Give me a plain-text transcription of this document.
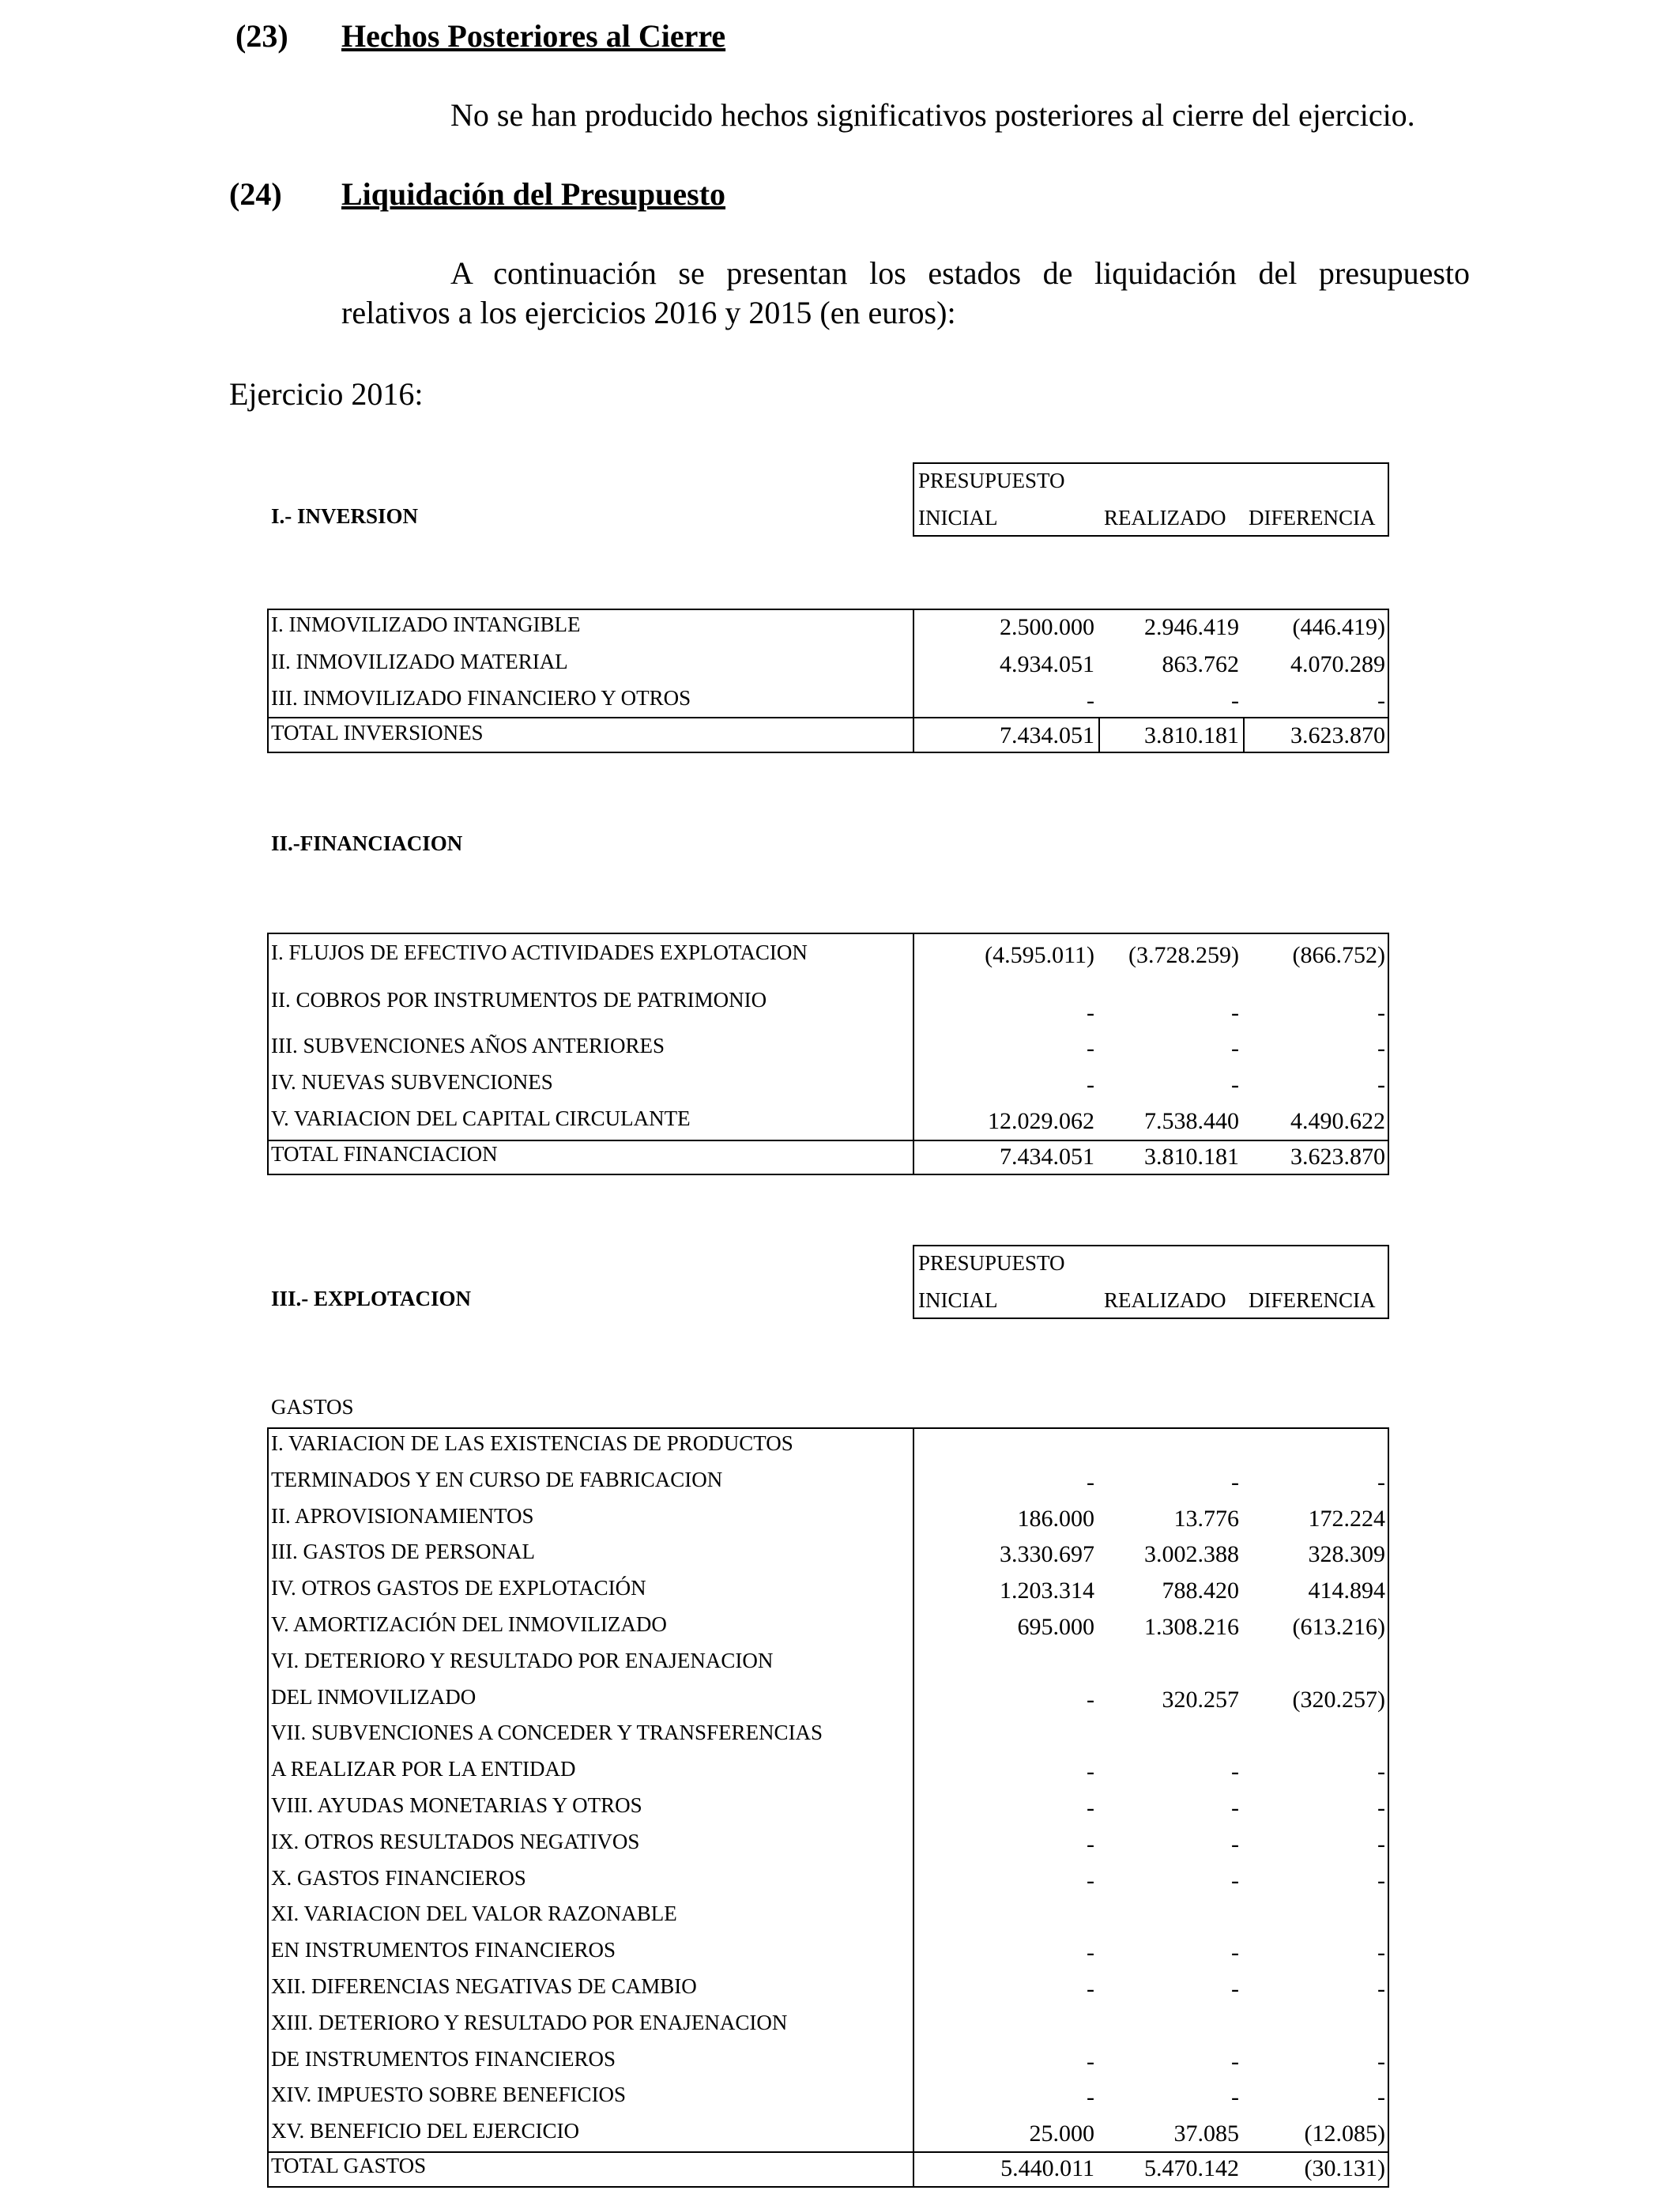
(23) Hechos Posteriores al Cierre
No se han producido hechos significativos posteriores al cierre del ejercicio.
(24) Liquidación del Presupuesto
A continuación se presentan los estados de liquidación del presupuesto
relativos a los ejercicios 2016 y 2015 (en euros):
Ejercicio 2016:
I.- INVERSION
PRESUPUESTO
INICIAL	REALIZADO DIFERENCIA
I. INMOVILIZADO INTANGIBLE	2.500.000 2.946.419 (446.419)
II. INMOVILIZADO MATERIAL	4.934.051	863.762 4.070.289
III. INMOVILIZADO FINANCIERO Y OTROS	-	-	-
TOTAL INVERSIONES	7.434.051 3.810.181 3.623.870
II.-FINANCIACION
I. FLUJOS DE EFECTIVO ACTIVIDADES EXPLOTACION	(4.595.011) (3.728.259) (866.752)
II. COBROS POR INSTRUMENTOS DE PATRIMONIO	-	-	-
III. SUBVENCIONES AÑOS ANTERIORES	-	-	-
IV. NUEVAS SUBVENCIONES	-	-	-
V. VARIACION DEL CAPITAL CIRCULANTE	12.029.062 7.538.440 4.490.622
TOTAL FINANCIACION	7.434.051 3.810.181 3.623.870
III.- EXPLOTACION
PRESUPUESTO
INICIAL	REALIZADO DIFERENCIA
GASTOS
I. VARIACION DE LAS EXISTENCIAS DE PRODUCTOS
TERMINADOS Y EN CURSO DE FABRICACION	-	-	-
II. APROVISIONAMIENTOS	186.000	13.776	172.224
III. GASTOS DE PERSONAL	3.330.697 3.002.388	328.309
IV. OTROS GASTOS DE EXPLOTACIÓN	1.203.314	788.420	414.894
V. AMORTIZACIÓN DEL INMOVILIZADO	695.000 1.308.216 (613.216)
VI. DETERIORO Y RESULTADO POR ENAJENACION
DEL INMOVILIZADO	-	320.257 (320.257)
VII. SUBVENCIONES A CONCEDER Y TRANSFERENCIAS
A REALIZAR POR LA ENTIDAD	-	-	-
VIII. AYUDAS MONETARIAS Y OTROS	-	-	-
IX. OTROS RESULTADOS NEGATIVOS	-	-	-
X. GASTOS FINANCIEROS	-	-	-
XI. VARIACION DEL VALOR RAZONABLE
EN INSTRUMENTOS FINANCIEROS	-	-	-
XII. DIFERENCIAS NEGATIVAS DE CAMBIO	-	-	-
XIII. DETERIORO Y RESULTADO POR ENAJENACION
DE INSTRUMENTOS FINANCIEROS	-	-	-
XIV. IMPUESTO SOBRE BENEFICIOS	-	-	-
XV. BENEFICIO DEL EJERCICIO	25.000	37.085	(12.085)
TOTAL GASTOS	5.440.011 5.470.142	(30.131)
